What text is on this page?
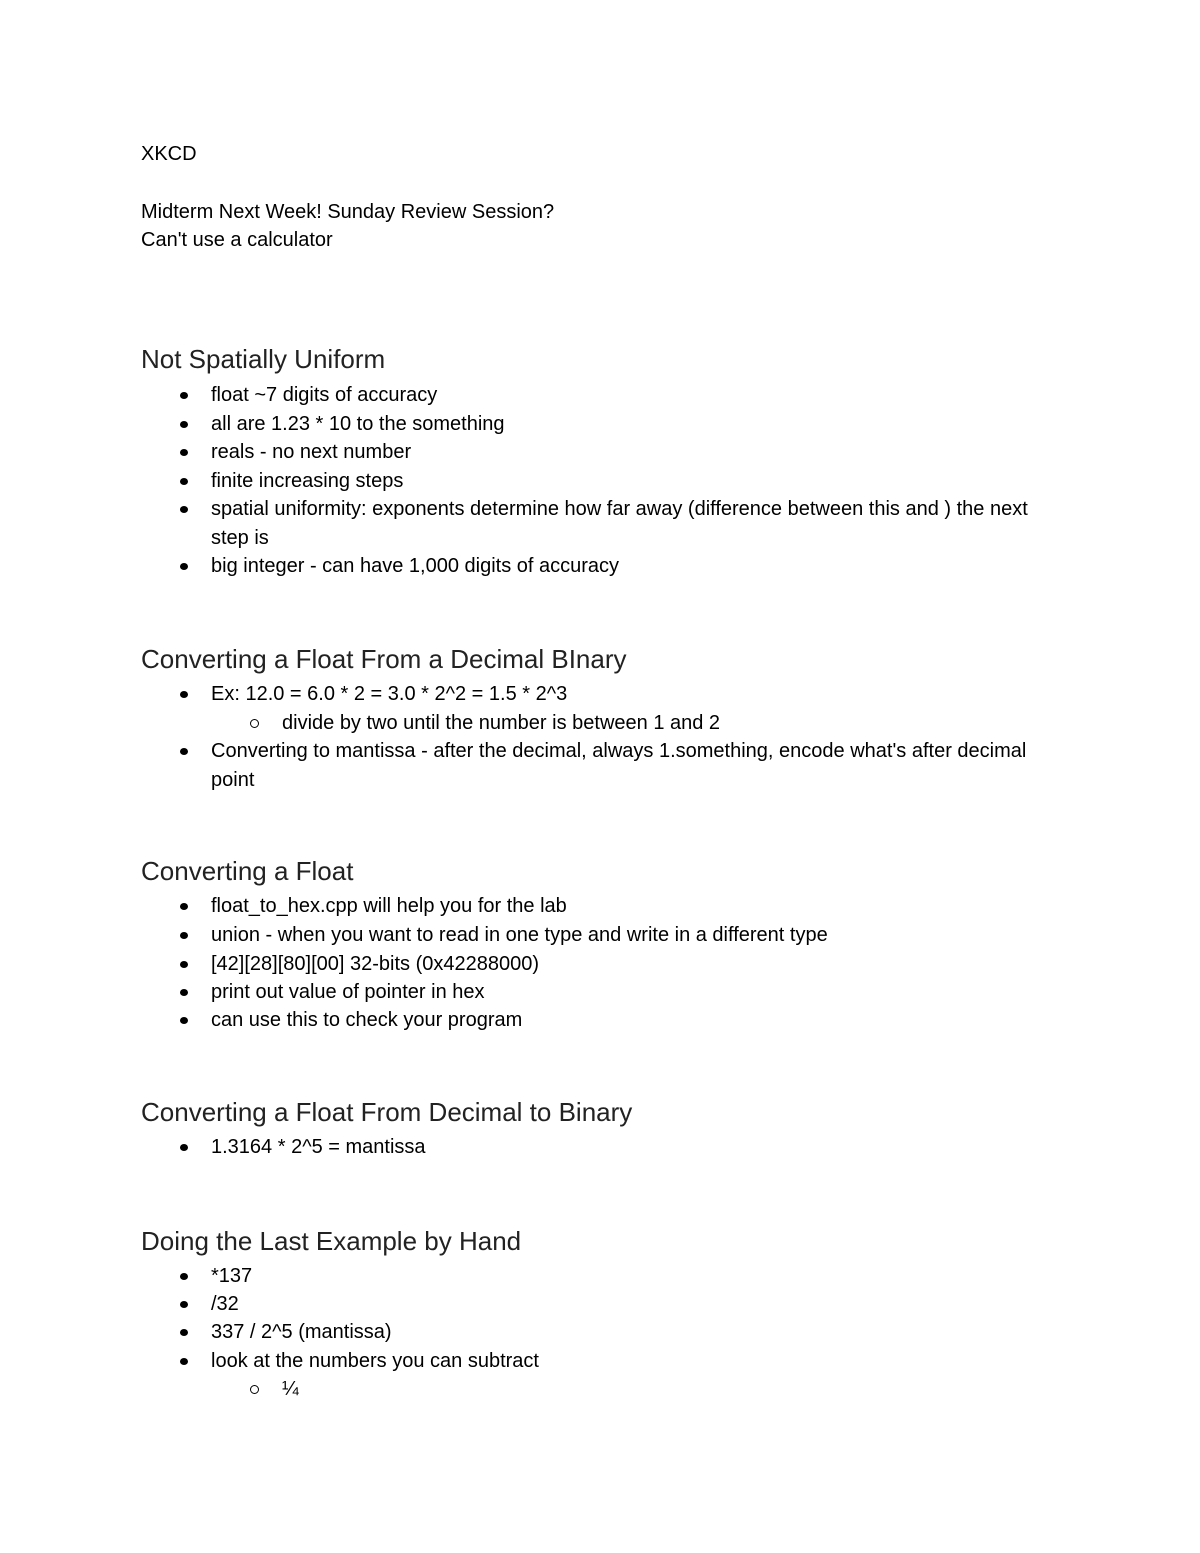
XKCD
Midterm Next Week! Sunday Review Session?
Can't use a calculator
Not Spatially Uniform
float ~7 digits of accuracy
all are 1.23 * 10 to the something
reals - no next number
finite increasing steps
spatial uniformity: exponents determine how far away (difference between this and ) the next step is
big integer - can have 1,000 digits of accuracy
Converting a Float From a Decimal BInary
Ex: 12.0 = 6.0 * 2 = 3.0 * 2^2 = 1.5 * 2^3
divide by two until the number is between 1 and 2
Converting to mantissa - after the decimal, always 1.something, encode what's after decimal point
Converting a Float
float_to_hex.cpp will help you for the lab
union - when you want to read in one type and write in a different type
[42][28][80][00] 32-bits (0x42288000)
print out value of pointer in hex
can use this to check your program
Converting a Float From Decimal to Binary
1.3164 * 2^5 = mantissa
Doing the Last Example by Hand
*137
/32
337 / 2^5 (mantissa)
look at the numbers you can subtract
¼
